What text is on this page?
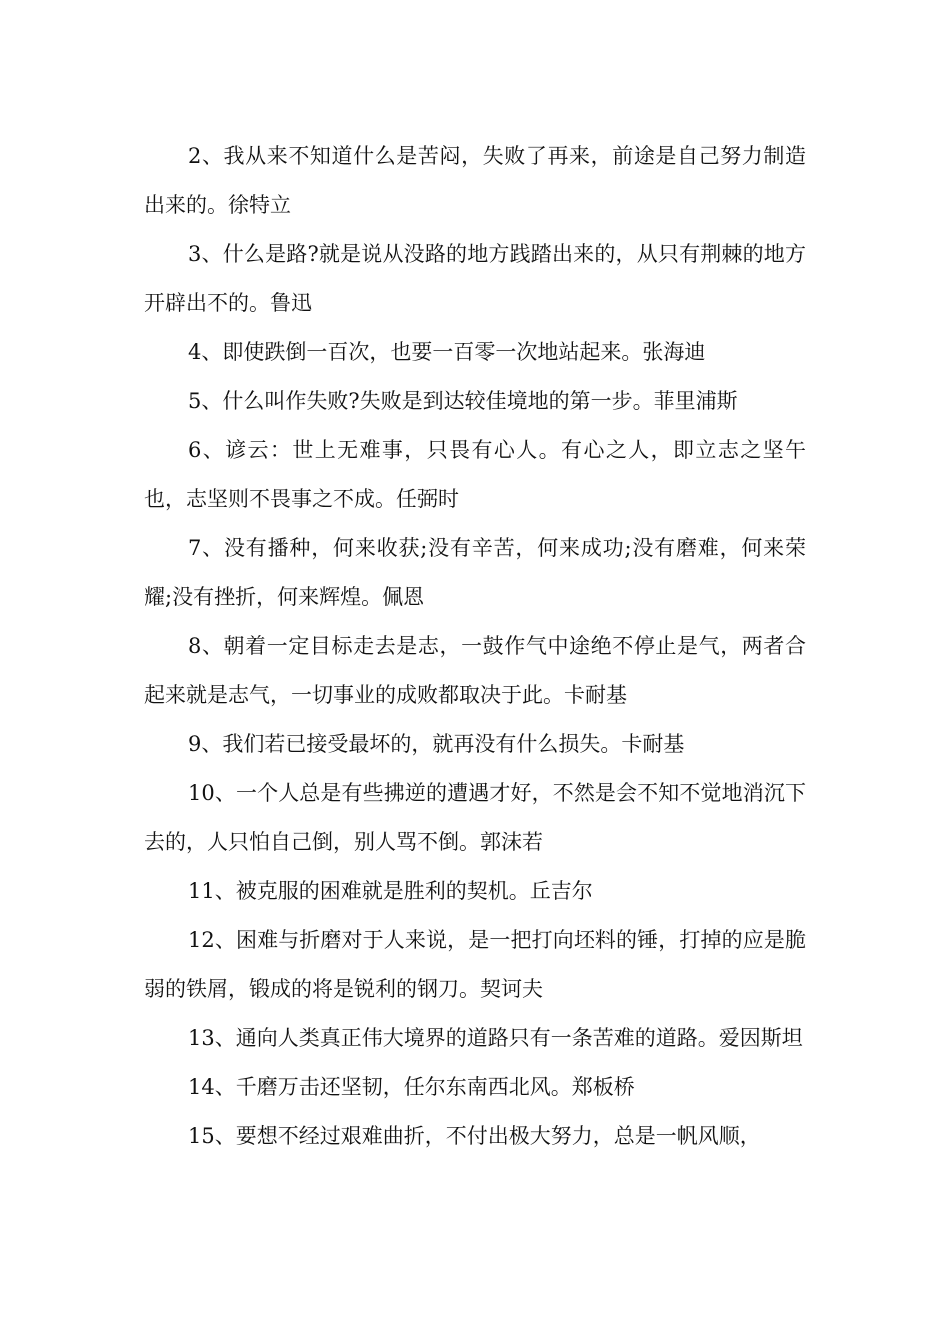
2、我从来不知道什么是苦闷，失败了再来，前途是自己努力制造出来的。徐特立

3、什么是路?就是说从没路的地方践踏出来的，从只有荆棘的地方开辟出不的。鲁迅

4、即使跌倒一百次，也要一百零一次地站起来。张海迪

5、什么叫作失败?失败是到达较佳境地的第一步。菲里浦斯

6、谚云：世上无难事，只畏有心人。有心之人，即立志之坚午也，志坚则不畏事之不成。任弼时

7、没有播种，何来收获;没有辛苦，何来成功;没有磨难，何来荣耀;没有挫折，何来辉煌。佩恩

8、朝着一定目标走去是志，一鼓作气中途绝不停止是气，两者合起来就是志气，一切事业的成败都取决于此。卡耐基

9、我们若已接受最坏的，就再没有什么损失。卡耐基

10、一个人总是有些拂逆的遭遇才好，不然是会不知不觉地消沉下去的，人只怕自己倒，别人骂不倒。郭沫若

11、被克服的困难就是胜利的契机。丘吉尔

12、困难与折磨对于人来说，是一把打向坯料的锤，打掉的应是脆弱的铁屑，锻成的将是锐利的钢刀。契诃夫

13、通向人类真正伟大境界的道路只有一条苦难的道路。爱因斯坦

14、千磨万击还坚韧，任尔东南西北风。郑板桥

15、要想不经过艰难曲折，不付出极大努力，总是一帆风顺，
